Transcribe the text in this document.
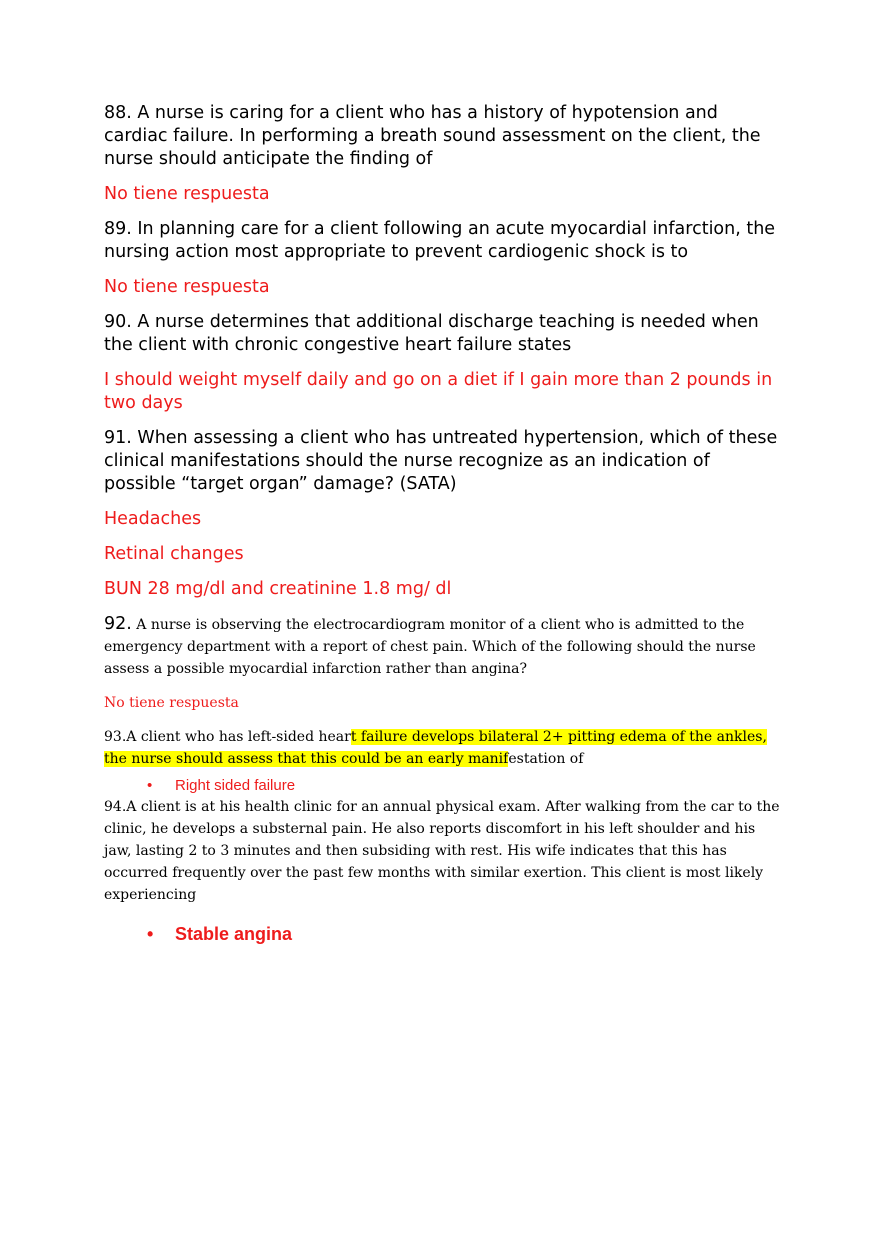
88. A nurse is caring for a client who has a history of hypotension and cardiac failure. In performing a breath sound assessment on the client, the nurse should anticipate the finding of

No tiene respuesta

89. In planning care for a client following an acute myocardial infarction, the nursing action most appropriate to prevent cardiogenic shock is to

No tiene respuesta

90. A nurse determines that additional discharge teaching is needed when the client with chronic congestive heart failure states

I should weight myself daily and go on a diet if I gain more than 2 pounds in two days

91. When assessing a client who has untreated hypertension, which of these clinical manifestations should the nurse recognize as an indication of possible “target organ” damage? (SATA)

Headaches

Retinal changes

BUN 28 mg/dl and creatinine 1.8 mg/ dl

92. A nurse is observing the electrocardiogram monitor of a client who is admitted to the emergency department with a report of chest pain. Which of the following should the nurse assess a possible myocardial infarction rather than angina?

No tiene respuesta

93.A client who has left-sided heart failure develops bilateral 2+ pitting edema of the ankles, the nurse should assess that this could be an early manifestation of

• Right sided failure

94.A client is at his health clinic for an annual physical exam. After walking from the car to the clinic, he develops a substernal pain. He also reports discomfort in his left shoulder and his jaw, lasting 2 to 3 minutes and then subsiding with rest. His wife indicates that this has occurred frequently over the past few months with similar exertion. This client is most likely experiencing

• Stable angina
